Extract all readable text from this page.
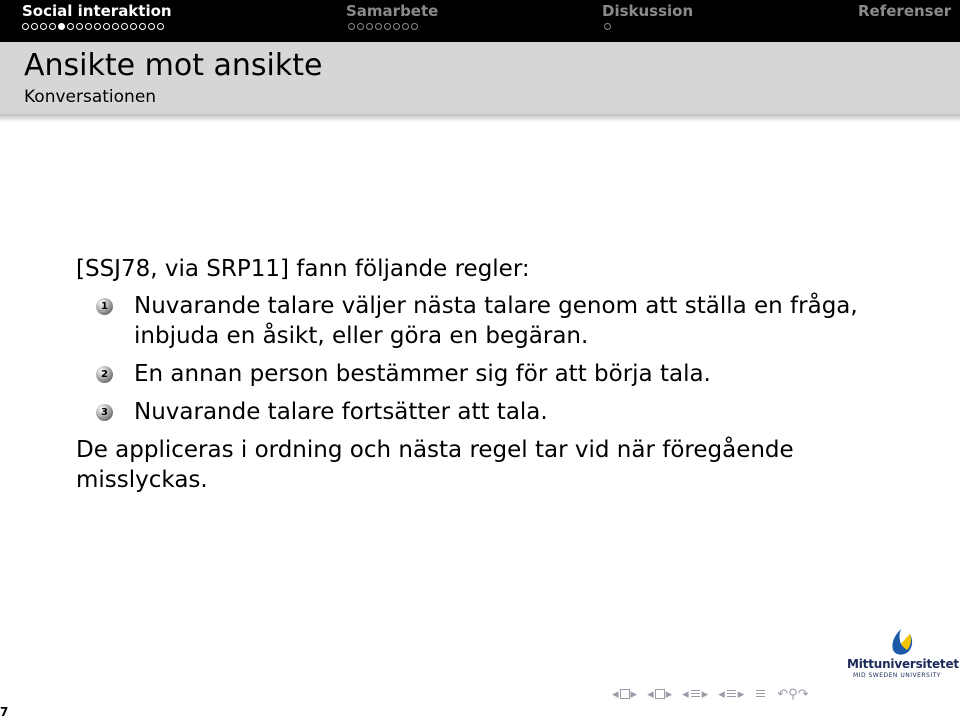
Social interaktion	Samarbete	Diskussion	Referenser
Ansikte mot ansikte
Konversationen

[SSJ78, via SRP11] fann följande regler:

1 Nuvarande talare väljer nästa talare genom att ställa en fråga, inbjuda en åsikt, eller göra en begäran.
2 En annan person bestämmer sig för att börja tala.
3 Nuvarande talare fortsätter att tala.

De appliceras i ordning och nästa regel tar vid när föregående misslyckas.

7
Mittuniversitetet
MID SWEDEN UNIVERSITY
◂ ▸ ◂ ▸ ◂ ▸ ◂ ▸	↶ ⚲ ↷
